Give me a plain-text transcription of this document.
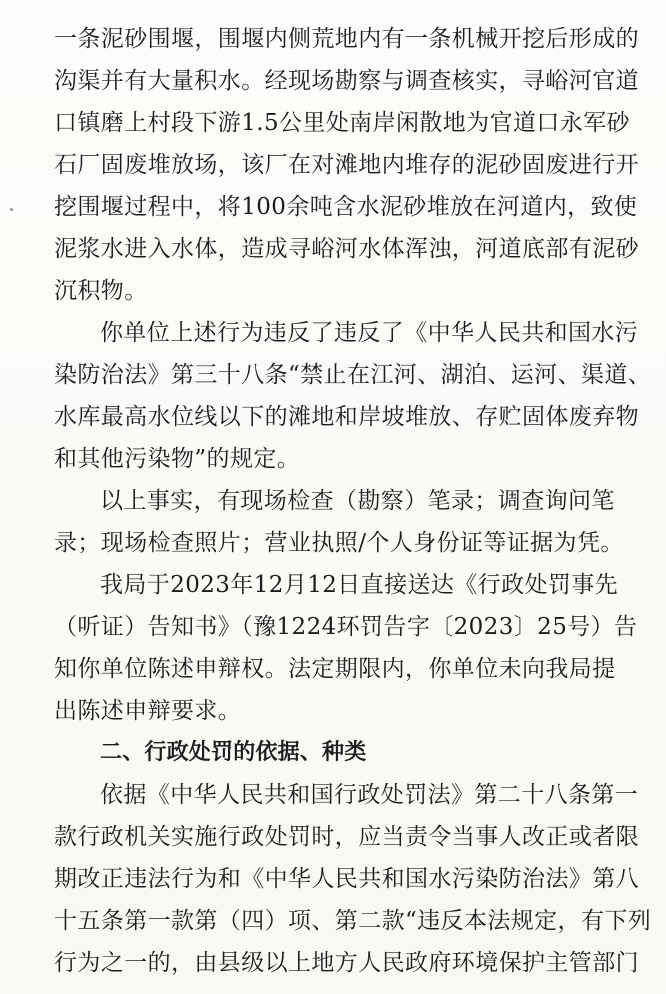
一条泥砂围堰，围堰内侧荒地内有一条机械开挖后形成的
沟渠并有大量积水。经现场勘察与调查核实，寻峪河官道
口镇磨上村段下游1.5公里处南岸闲散地为官道口永军砂
石厂固废堆放场，该厂在对滩地内堆存的泥砂固废进行开
挖围堰过程中，将100余吨含水泥砂堆放在河道内，致使
泥浆水进入水体，造成寻峪河水体浑浊，河道底部有泥砂
沉积物。
你单位上述行为违反了违反了《中华人民共和国水污
染防治法》第三十八条“禁止在江河、湖泊、运河、渠道、
水库最高水位线以下的滩地和岸坡堆放、存贮固体废弃物
和其他污染物”的规定。
以上事实，有现场检查（勘察）笔录；调查询问笔
录；现场检查照片；营业执照/个人身份证等证据为凭。
我局于2023年12月12日直接送达《行政处罚事先
（听证）告知书》（豫1224环罚告字〔2023〕25号）告
知你单位陈述申辩权。法定期限内，你单位未向我局提
出陈述申辩要求。
二、行政处罚的依据、种类
依据《中华人民共和国行政处罚法》第二十八条第一
款行政机关实施行政处罚时，应当责令当事人改正或者限
期改正违法行为和《中华人民共和国水污染防治法》第八
十五条第一款第（四）项、第二款“违反本法规定，有下列
行为之一的，由县级以上地方人民政府环境保护主管部门
